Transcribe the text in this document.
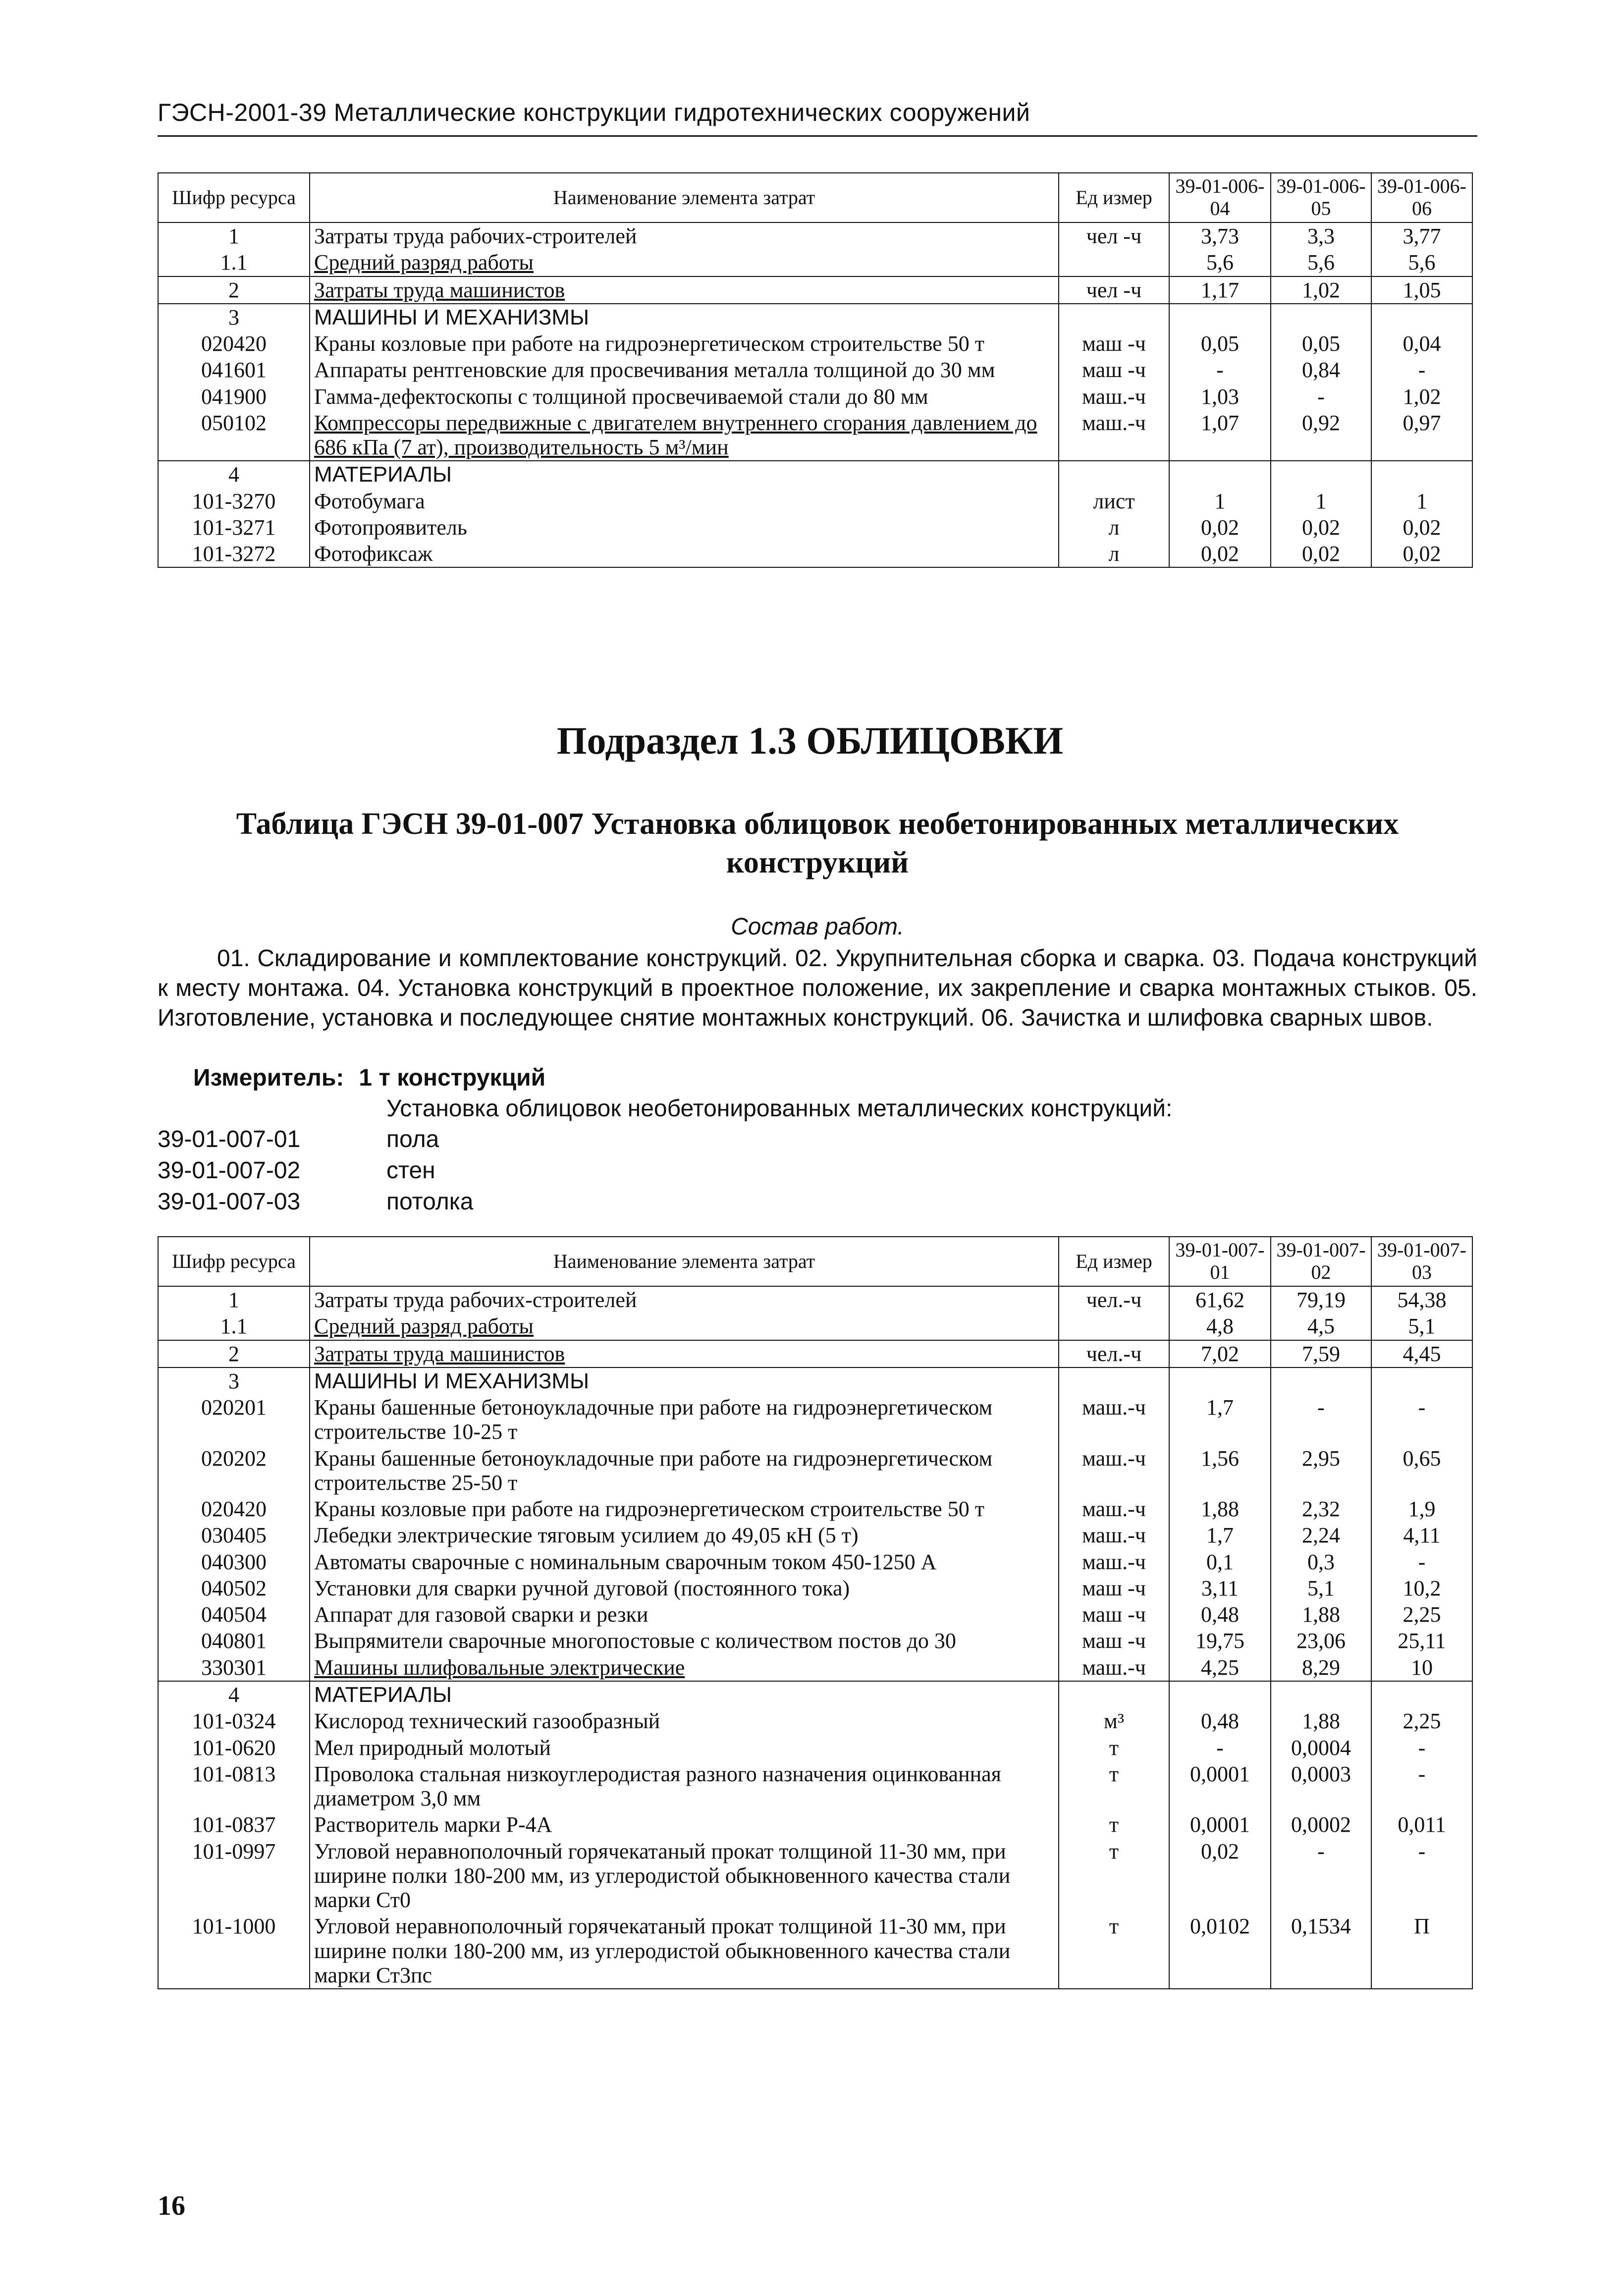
ГЭСН-2001-39 Металлические конструкции гидротехнических сооружений
Шифр ресурса	Наименование элемента затрат	Ед измер	39-01-006-04	39-01-006-05	39-01-006-06
1	Затраты труда рабочих-строителей	чел -ч	3,73	3,3	3,77
1.1	Средний разряд работы		5,6	5,6	5,6
2	Затраты труда машинистов	чел -ч	1,17	1,02	1,05
3	МАШИНЫ И МЕХАНИЗМЫ				
020420	Краны козловые при работе на гидроэнергетическом строительстве 50 т	маш -ч	0,05	0,05	0,04
041601	Аппараты рентгеновские для просвечивания металла толщиной до 30 мм	маш -ч	-	0,84	-
041900	Гамма-дефектоскопы с толщиной просвечиваемой стали до 80 мм	маш.-ч	1,03	-	1,02
050102	Компрессоры передвижные с двигателем внутреннего сгорания давлением до 686 кПа (7 ат), производительность 5 м³/мин	маш.-ч	1,07	0,92	0,97
4	МАТЕРИАЛЫ				
101-3270	Фотобумага	лист	1	1	1
101-3271	Фотопроявитель	л	0,02	0,02	0,02
101-3272	Фотофиксаж	л	0,02	0,02	0,02
Подраздел 1.3 ОБЛИЦОВКИ
Таблица ГЭСН 39-01-007 Установка облицовок необетонированных металлических конструкций
Состав работ.
01. Складирование и комплектование конструкций. 02. Укрупнительная сборка и сварка. 03. Подача конструкций к месту монтажа. 04. Установка конструкций в проектное положение, их закрепление и сварка монтажных стыков. 05. Изготовление, установка и последующее снятие монтажных конструкций. 06. Зачистка и шлифовка сварных швов.
Измеритель: 1 т конструкций
Установка облицовок необетонированных металлических конструкций:
39-01-007-01	пола
39-01-007-02	стен
39-01-007-03	потолка
Шифр ресурса	Наименование элемента затрат	Ед измер	39-01-007-01	39-01-007-02	39-01-007-03
1	Затраты труда рабочих-строителей	чел.-ч	61,62	79,19	54,38
1.1	Средний разряд работы		4,8	4,5	5,1
2	Затраты труда машинистов	чел.-ч	7,02	7,59	4,45
3	МАШИНЫ И МЕХАНИЗМЫ				
020201	Краны башенные бетоноукладочные при работе на гидроэнергетическом строительстве 10-25 т	маш.-ч	1,7	-	-
020202	Краны башенные бетоноукладочные при работе на гидроэнергетическом строительстве 25-50 т	маш.-ч	1,56	2,95	0,65
020420	Краны козловые при работе на гидроэнергетическом строительстве 50 т	маш.-ч	1,88	2,32	1,9
030405	Лебедки электрические тяговым усилием до 49,05 кН (5 т)	маш.-ч	1,7	2,24	4,11
040300	Автоматы сварочные с номинальным сварочным током 450-1250 А	маш.-ч	0,1	0,3	-
040502	Установки для сварки ручной дуговой (постоянного тока)	маш -ч	3,11	5,1	10,2
040504	Аппарат для газовой сварки и резки	маш -ч	0,48	1,88	2,25
040801	Выпрямители сварочные многопостовые с количеством постов до 30	маш -ч	19,75	23,06	25,11
330301	Машины шлифовальные электрические	маш.-ч	4,25	8,29	10
4	МАТЕРИАЛЫ				
101-0324	Кислород технический газообразный	м³	0,48	1,88	2,25
101-0620	Мел природный молотый	т	-	0,0004	-
101-0813	Проволока стальная низкоуглеродистая разного назначения оцинкованная диаметром 3,0 мм	т	0,0001	0,0003	-
101-0837	Растворитель марки Р-4А	т	0,0001	0,0002	0,011
101-0997	Угловой неравнополочный горячекатаный прокат толщиной 11-30 мм, при ширине полки 180-200 мм, из углеродистой обыкновенного качества стали марки Ст0	т	0,02	-	-
101-1000	Угловой неравнополочный горячекатаный прокат толщиной 11-30 мм, при ширине полки 180-200 мм, из углеродистой обыкновенного качества стали марки Ст3пс	т	0,0102	0,1534	П
16
